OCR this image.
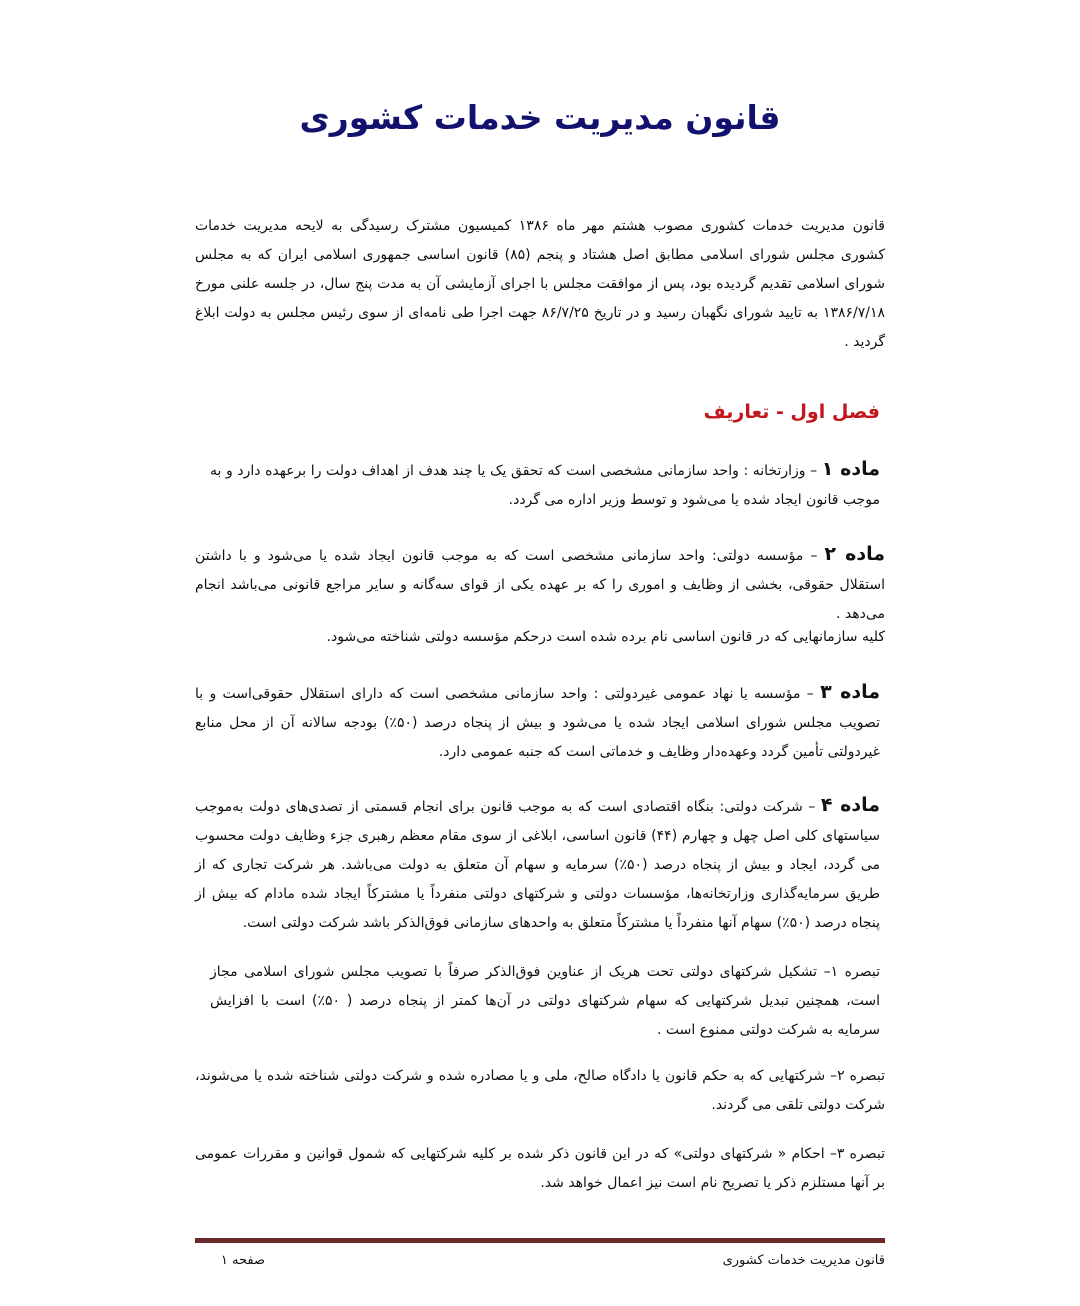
قانون مدیریت خدمات کشوری

قانون مدیریت خدمات کشوری مصوب هشتم مهر ماه ۱۳۸۶ کمیسیون مشترک رسیدگی به لایحه مدیریت خدمات کشوری مجلس شورای اسلامی مطابق اصل هشتاد و پنجم (۸۵) قانون اساسی جمهوری اسلامی ایران که به مجلس شورای اسلامی تقدیم گردیده بود، پس از موافقت مجلس با اجرای آزمایشی آن به مدت پنج سال، در جلسه علنی مورخ ۱۳۸۶/۷/۱۸ به تایید شورای نگهبان رسید و در تاریخ ۸۶/۷/۲۵ جهت اجرا طی نامه‌ای از سوی رئیس مجلس به دولت ابلاغ گردید .

فصل اول - تعاریف

ماده ۱ – وزارتخانه : واحد سازمانی مشخصی است که تحقق یک یا چند هدف از اهداف دولت را برعهده دارد و به موجب قانون ایجاد شده یا می‌شود و توسط وزیر اداره می گردد.

ماده ۲ – مؤسسه دولتی: واحد سازمانی مشخصی است که به موجب قانون ایجاد شده یا می‌شود و با داشتن استقلال حقوقی، بخشی از وظایف و اموری را که بر عهده یکی از قوای سه‌گانه و سایر مراجع قانونی می‌باشد انجام می‌دهد .

کلیه سازمانهایی که در قانون اساسی نام برده شده است درحکم مؤسسه دولتی شناخته می‌شود.

ماده ۳ – مؤسسه یا نهاد عمومی غیردولتی : واحد سازمانی مشخصی است که دارای استقلال حقوقی‌است و با تصویب مجلس شورای اسلامی ایجاد شده یا می‌شود و بیش از پنجاه درصد (۵۰٪) بودجه سالانه آن از محل منابع غیردولتی تأمین گردد وعهده‌دار وظایف و خدماتی است که جنبه عمومی دارد.

ماده ۴ – شرکت دولتی: بنگاه اقتصادی است که به موجب قانون برای انجام قسمتی از تصدی‌های دولت به‌موجب سیاستهای کلی اصل چهل و چهارم (۴۴) قانون اساسی، ابلاغی از سوی مقام معظم رهبری جزء وظایف دولت محسوب می گردد، ایجاد و بیش از پنجاه درصد (۵۰٪) سرمایه و سهام آن متعلق به دولت می‌باشد. هر شرکت تجاری که از طریق سرمایه‌گذاری وزارتخانه‌ها، مؤسسات دولتی و شرکتهای دولتی منفرداً یا مشترکاً ایجاد شده مادام که بیش از پنجاه درصد (۵۰٪) سهام آنها منفرداً یا مشترکاً متعلق به واحدهای سازمانی فوق‌الذکر باشد شرکت دولتی است.

تبصره ۱– تشکیل شرکتهای دولتی تحت هریک از عناوین فوق‌الذکر صرفاً با تصویب مجلس شورای اسلامی مجاز است، همچنین تبدیل شرکتهایی که سهام شرکتهای دولتی در آن‌ها کمتر از پنجاه درصد ( ۵۰٪) است با افزایش سرمایه به شرکت دولتی ممنوع است .

تبصره ۲– شرکتهایی که به حکم قانون یا دادگاه صالح، ملی و یا مصادره شده و شرکت دولتی شناخته شده یا می‌شوند، شرکت دولتی تلقی می گردند.

تبصره ۳– احکام « شرکتهای دولتی» که در این قانون ذکر شده بر کلیه شرکتهایی که شمول قوانین و مقررات عمومی بر آنها مستلزم ذکر یا تصریح نام است نیز اعمال خواهد شد.

قانون مدیریت خدمات کشوری
صفحه ۱
